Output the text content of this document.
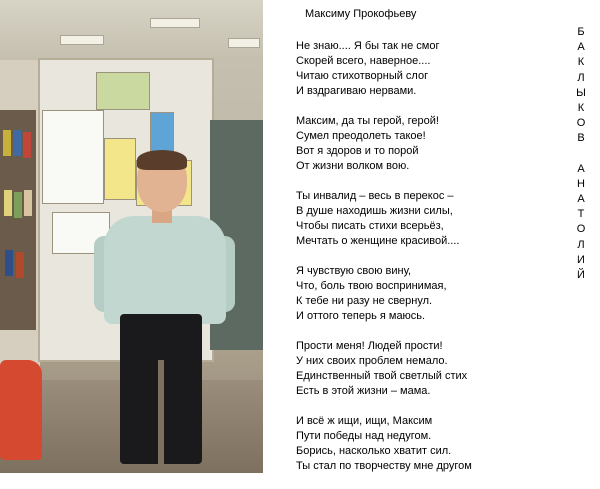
Максиму Прокофьеву
Не знаю.... Я бы так не смог
Скорей всего, наверное....
Читаю стихотворный слог
И вздрагиваю нервами.
Максим, да ты герой, герой!
Сумел преодолеть такое!
Вот я здоров и то порой
От жизни волком вою.
Ты инвалид – весь в перекос –
В душе находишь жизни силы,
Чтобы писать стихи всерьёз,
Мечтать о женщине красивой....
Я чувствую свою вину,
Что, боль твою воспринимая,
К тебе ни разу не свернул.
И оттого теперь я маюсь.
Прости меня! Людей прости!
У них своих проблем немало.
Единственный твой светлый стих
Есть в этой жизни – мама.
И всё ж ищи, ищи, Максим
Пути победы над недугом.
Борись, насколько хватит сил.
Ты стал по творчеству мне другом
Б
А
К
Л
Ы
К
О
В
А
Н
А
Т
О
Л
И
Й
